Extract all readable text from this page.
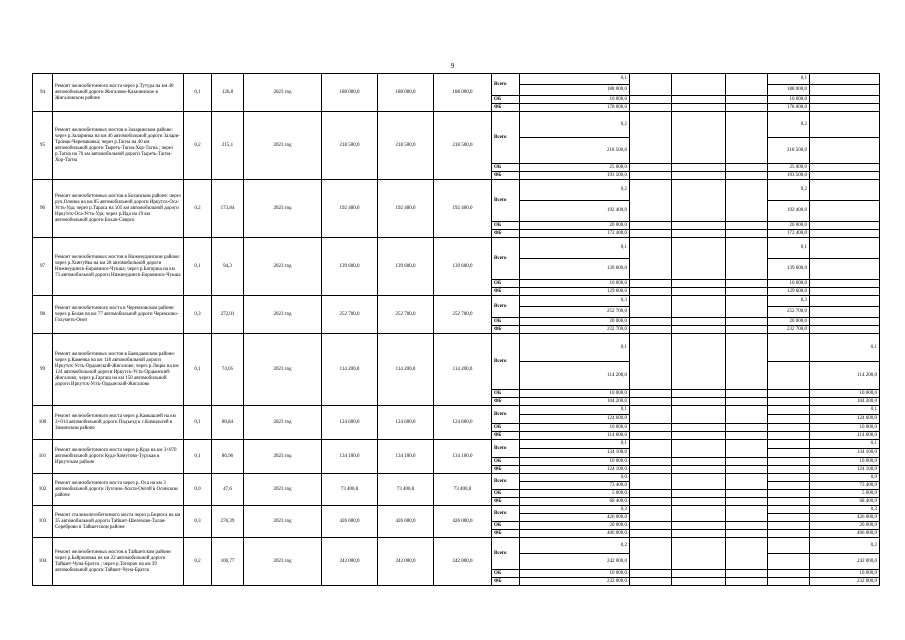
9
94	Ремонт железобетонного моста через р.Тутура на км 40 автомобильной дороги Жигалово-Казачинское в Жигаловском районе	0,1	126,8	2023 год	188 000,0	188 000,0	188 000,0	Всего	0,1				0,1	
									188 000,0				188 000,0	
								ОБ	10 000,0				10 000,0	
								ФБ	178 000,0				178 000,0	
95	Ремонт железобетонных мостов в Заларинском районе: через р.Заларинка на км 46 автомобильной дороги Залари-Троицк-Черемшанка; через р.Тагна на 40 км автомобильной дороги Тыреть-Тагна-Хор-Тагна ; через р.Тагна на 76 км автомобильной дороги Тыреть-Тагна-Хор-Тагна	0,2	215,1	2023 год	218 500,0	218 500,0	218 500,0	Всего	0,2				0,2	
									218 500,0				218 500,0	
								ОБ	25 000,0				25 000,0	
								ФБ	193 500,0				193 500,0	
96	Ремонт железобетонных мостов в Боханском районе: через руч.Олонка на км 85 автомобильной дороги Иркутск-Оса-Усть-Уда; через р.Тараса на 105 км автомобильной дороги Иркутск-Оса-Усть-Уда; через р.Ида на 19 км автомобильной дороги Бохан-Свирск	0,2	173,84	2023 год	192 400,0	192 400,0	192 400,0	Всего	0,2				0,2	
									192 400,0				192 400,0	
								ОБ	20 000,0				20 000,0	
								ФБ	172 400,0				172 400,0	
97	Ремонт железобетонных мостов в Нижнеудинском районе: через р.Хингуйка на км 28 автомобильной дороги Нижнеудинск-Боровинск-Чукша; через р.Баторша на км 73 автомобильной дороги Нижнеудинск-Боровинск-Чукша	0,1	94,3	2023 год	139 600,0	139 600,0	139 600,0	Всего	0,1				0,1	
									139 600,0				139 600,0	
								ОБ	10 000,0				10 000,0	
								ФБ	129 600,0				129 600,0	
98	Ремонт железобетонного моста в Черемховском районе: через р.Белая на км 77 автомобильной дороги Черемхово-Голуметь-Онот	0,3	272,01	2023 год	252 700,0	252 700,0	252 700,0	Всего	0,3				0,3	
									252 700,0				252 700,0	
								ОБ	20 000,0				20 000,0	
								ФБ	232 700,0				232 700,0	
99	Ремонт железобетонных мостов в Баяндаевском районе: через р.Каменка на км 118 автомобильной дороги Иркутск-Усть-Ордынский-Жигалово; через р.Люры на км 124 автомобильной дороги Иркутск-Усть-Ордынский-Жигалово; через р.Гаргаш на км 150 автомобильной дороги Иркутск-Усть-Ордынский-Жигалово	0,1	74,05	2023 год	114 200,0	114 200,0	114 200,0	Всего	0,1					0,1
									114 200,0					114 200,0
								ОБ	10 000,0					10 000,0
								ФБ	104 200,0					104 200,0
100	Ремонт железобетонного моста через р.Камышлей на км 3+014 автомобильной дороги Подъезд к с.Кимильтей в Зиминском районе	0,1	80,84	2023 год	124 600,0	124 600,0	124 600,0	Всего	0,1					0,1
									124 600,0					124 600,0
								ОБ	10 000,0					10 000,0
								ФБ	114 600,0					114 600,0
101	Ремонт железобетонного моста через р.Куда на км 3+070 автомобильной дороги Куда-Хомутово-Турская в Иркутском районе	0,1	86,96	2023 год	134 100,0	134 100,0	134 100,0	Всего	0,1					0,1
									134 100,0					134 100,0
								ОБ	10 000,0					10 000,0
								ФБ	124 100,0					124 100,0
102	Ремонт железобетонного моста через р. Оса на км 3 автомобильной дороги Лузгино-Хохта-Онгой в Осинском районе	0,0	47,6	2023 год	73 400,0	73 400,0	73 400,0	Всего	0,0					0,0
									73 400,0					73 400,0
								ОБ	5 000,0					5 000,0
								ФБ	68 400,0					68 400,0
103	Ремонт сталежелезобетонного моста через р.Бирюса на км 35 автомобильной дороги Тайшет-Шелехово-Талая-Сереброво в Тайшетском районе	0,3	276,39	2023 год	426 000,0	426 000,0	426 000,0	Всего	0,3					0,3
									426 000,0					426 000,0
								ОБ	20 000,0					20 000,0
								ФБ	406 000,0					406 000,0
104	Ремонт железобетонных мостов в Тайшетском районе: через р.Байроновка на км 22 автомобильной дороги Тайшет-Чуна-Братск ; через р.Топорок на км 39 автомобильной дороги Тайшет-Чуна-Братск	0,2	100,77	2023 год	242 000,0	242 000,0	242 000,0	Всего	0,2					0,2
									242 000,0					242 000,0
								ОБ	10 000,0					10 000,0
								ФБ	232 000,0					232 000,0
